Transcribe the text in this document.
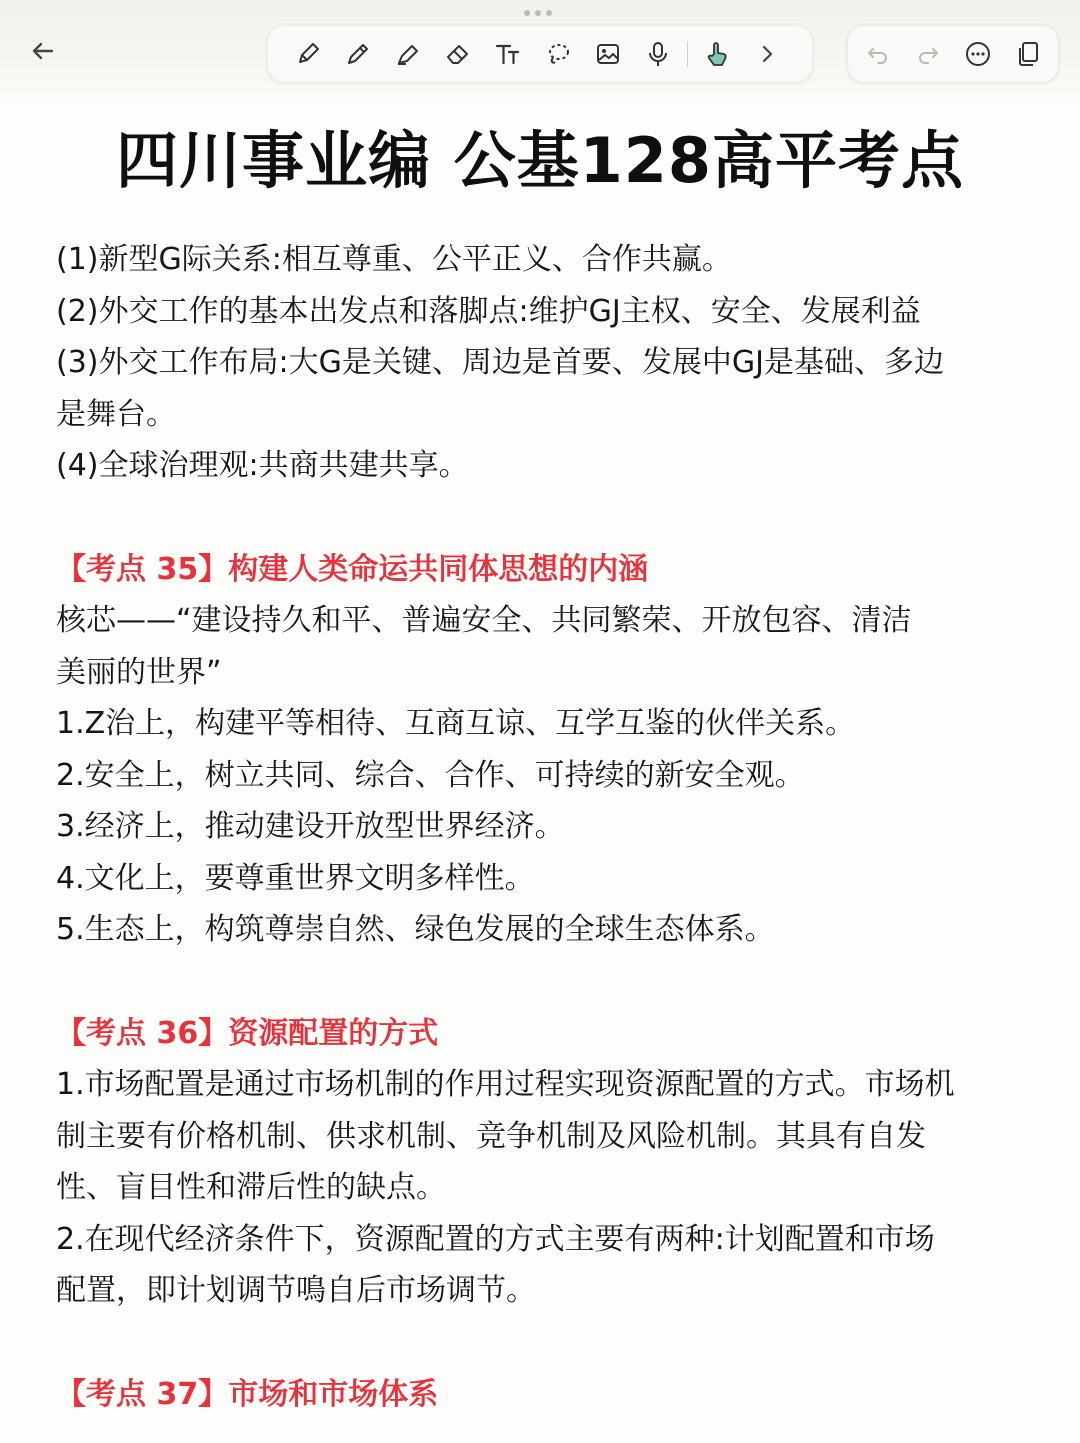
四川事业编 公基128高平考点
(1)新型G际关系:相互尊重、公平正义、合作共赢。
(2)外交工作的基本出发点和落脚点:维护GJ主权、安全、发展利益
(3)外交工作布局:大G是关键、周边是首要、发展中GJ是基础、多边
是舞台。
(4)全球治理观:共商共建共享。
【考点 35】构建人类命运共同体思想的内涵
核芯——“建设持久和平、普遍安全、共同繁荣、开放包容、清洁
美丽的世界”
1.Z治上，构建平等相待、互商互谅、互学互鉴的伙伴关系。
2.安全上，树立共同、综合、合作、可持续的新安全观。
3.经济上，推动建设开放型世界经济。
4.文化上，要尊重世界文明多样性。
5.生态上，构筑尊崇自然、绿色发展的全球生态体系。
【考点 36】资源配置的方式
1.市场配置是通过市场机制的作用过程实现资源配置的方式。市场机
制主要有价格机制、供求机制、竞争机制及风险机制。其具有自发
性、盲目性和滞后性的缺点。
2.在现代经济条件下，资源配置的方式主要有两种:计划配置和市场
配置，即计划调节鳴自后市场调节。
【考点 37】市场和市场体系
